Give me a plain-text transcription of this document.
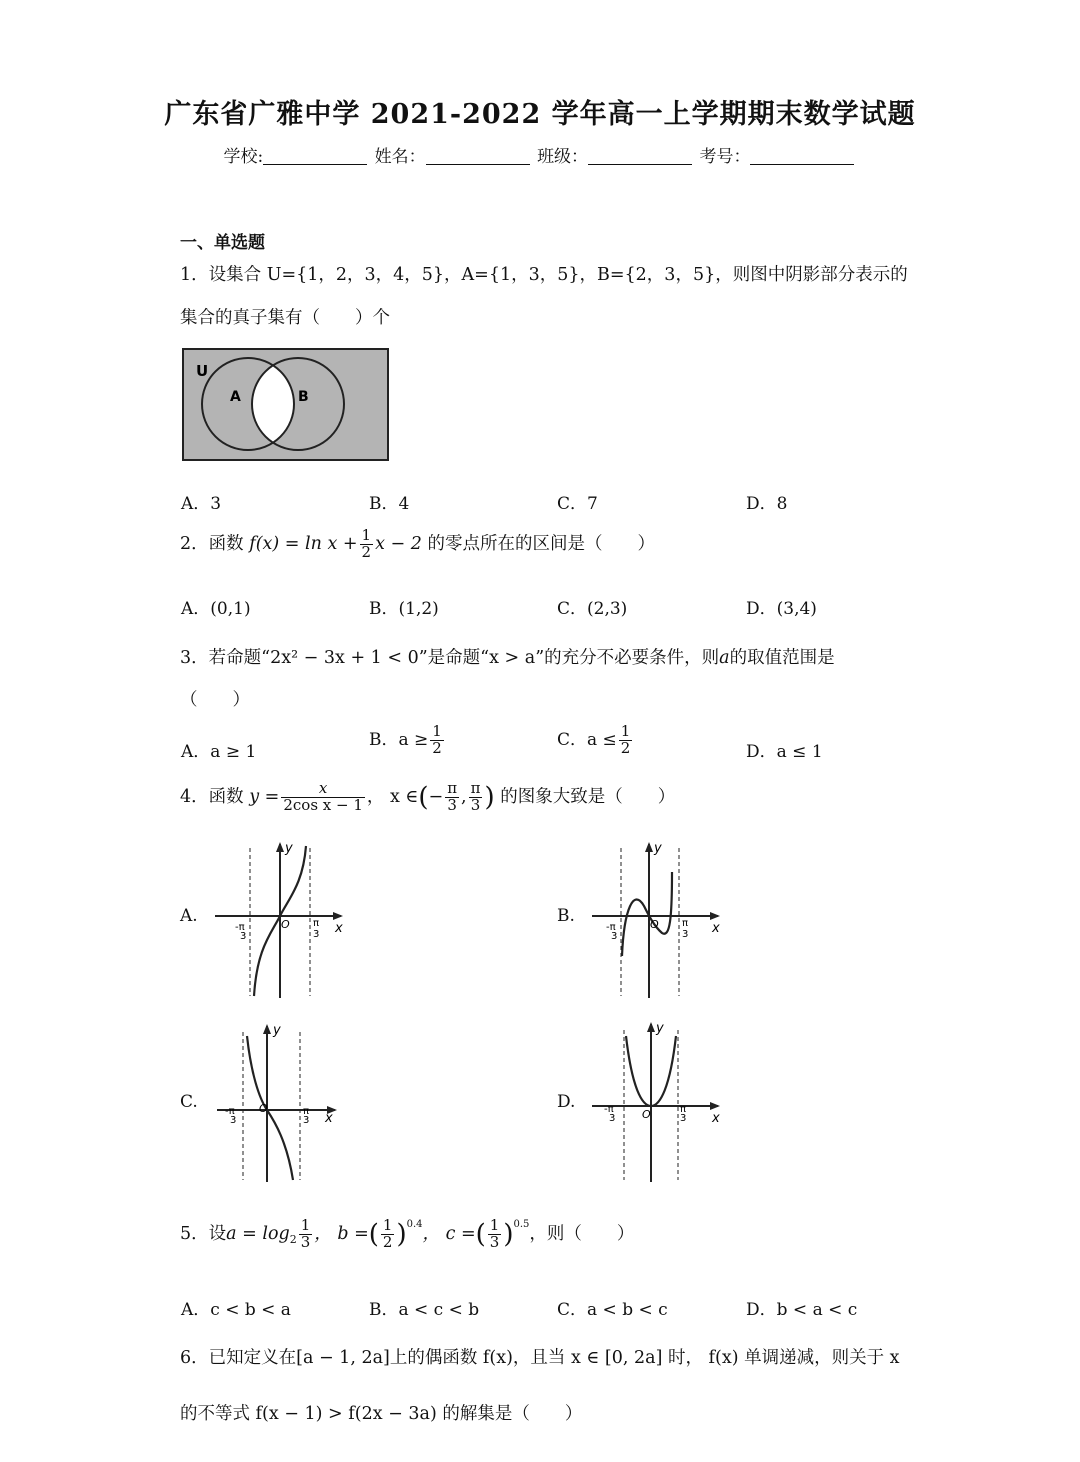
广东省广雅中学 2021-2022 学年高一上学期期末数学试题
学校:	姓名：	班级：	考号：
一、单选题
1．设集合 U={1，2，3，4，5}，A={1，3，5}，B={2，3，5}，则图中阴影部分表示的
集合的真子集有（　　）个
U
A	B
A．3	B．4	C．7	D．8
2．函数 $f(x) = \ln x + \frac{1}{2}$ x − 2 的零点所在的区间是（　　）
A．(0,1)	B．(1,2)	C．(2,3)	D．(3,4)
3．若命题“2x² − 3x + 1 < 0”是命题“x > a”的充分不必要条件，则a的取值范围是
（　　）
A．a ≥ 1
B．$a \ge \frac{1}{2}$	C．$a \le \frac{1}{2}$	D．a ≤ 1
4．函数 $y = \frac{x}{\text{2cos x − 1}}$ ， x ∈(− $\frac{\pi}{3}$ , $\frac{\pi}{3}$ ) 的图象大致是（　　）
A.	B.
C.	D.
y
x
O
-π
3
π
3
y
x
O
-π
3
π
3
y
x
O
-π
3
π
3
y
x
O
-π
3
π
3
5．设$a = \log_2 \frac{1}{3}$ ， b =( $\frac{1}{2} )^{0.4}$， c =( $\frac{1}{3} )^{0.5}$，则（　　）
A．c < b < a	B．a < c < b	C．a < b < c	D．b < a < c
6．已知定义在[a − 1, 2a]上的偶函数 f(x)，且当 x ∈ [0, 2a] 时， f(x) 单调递减，则关于 x
的不等式 f(x − 1) > f(2x − 3a) 的解集是（　　）
